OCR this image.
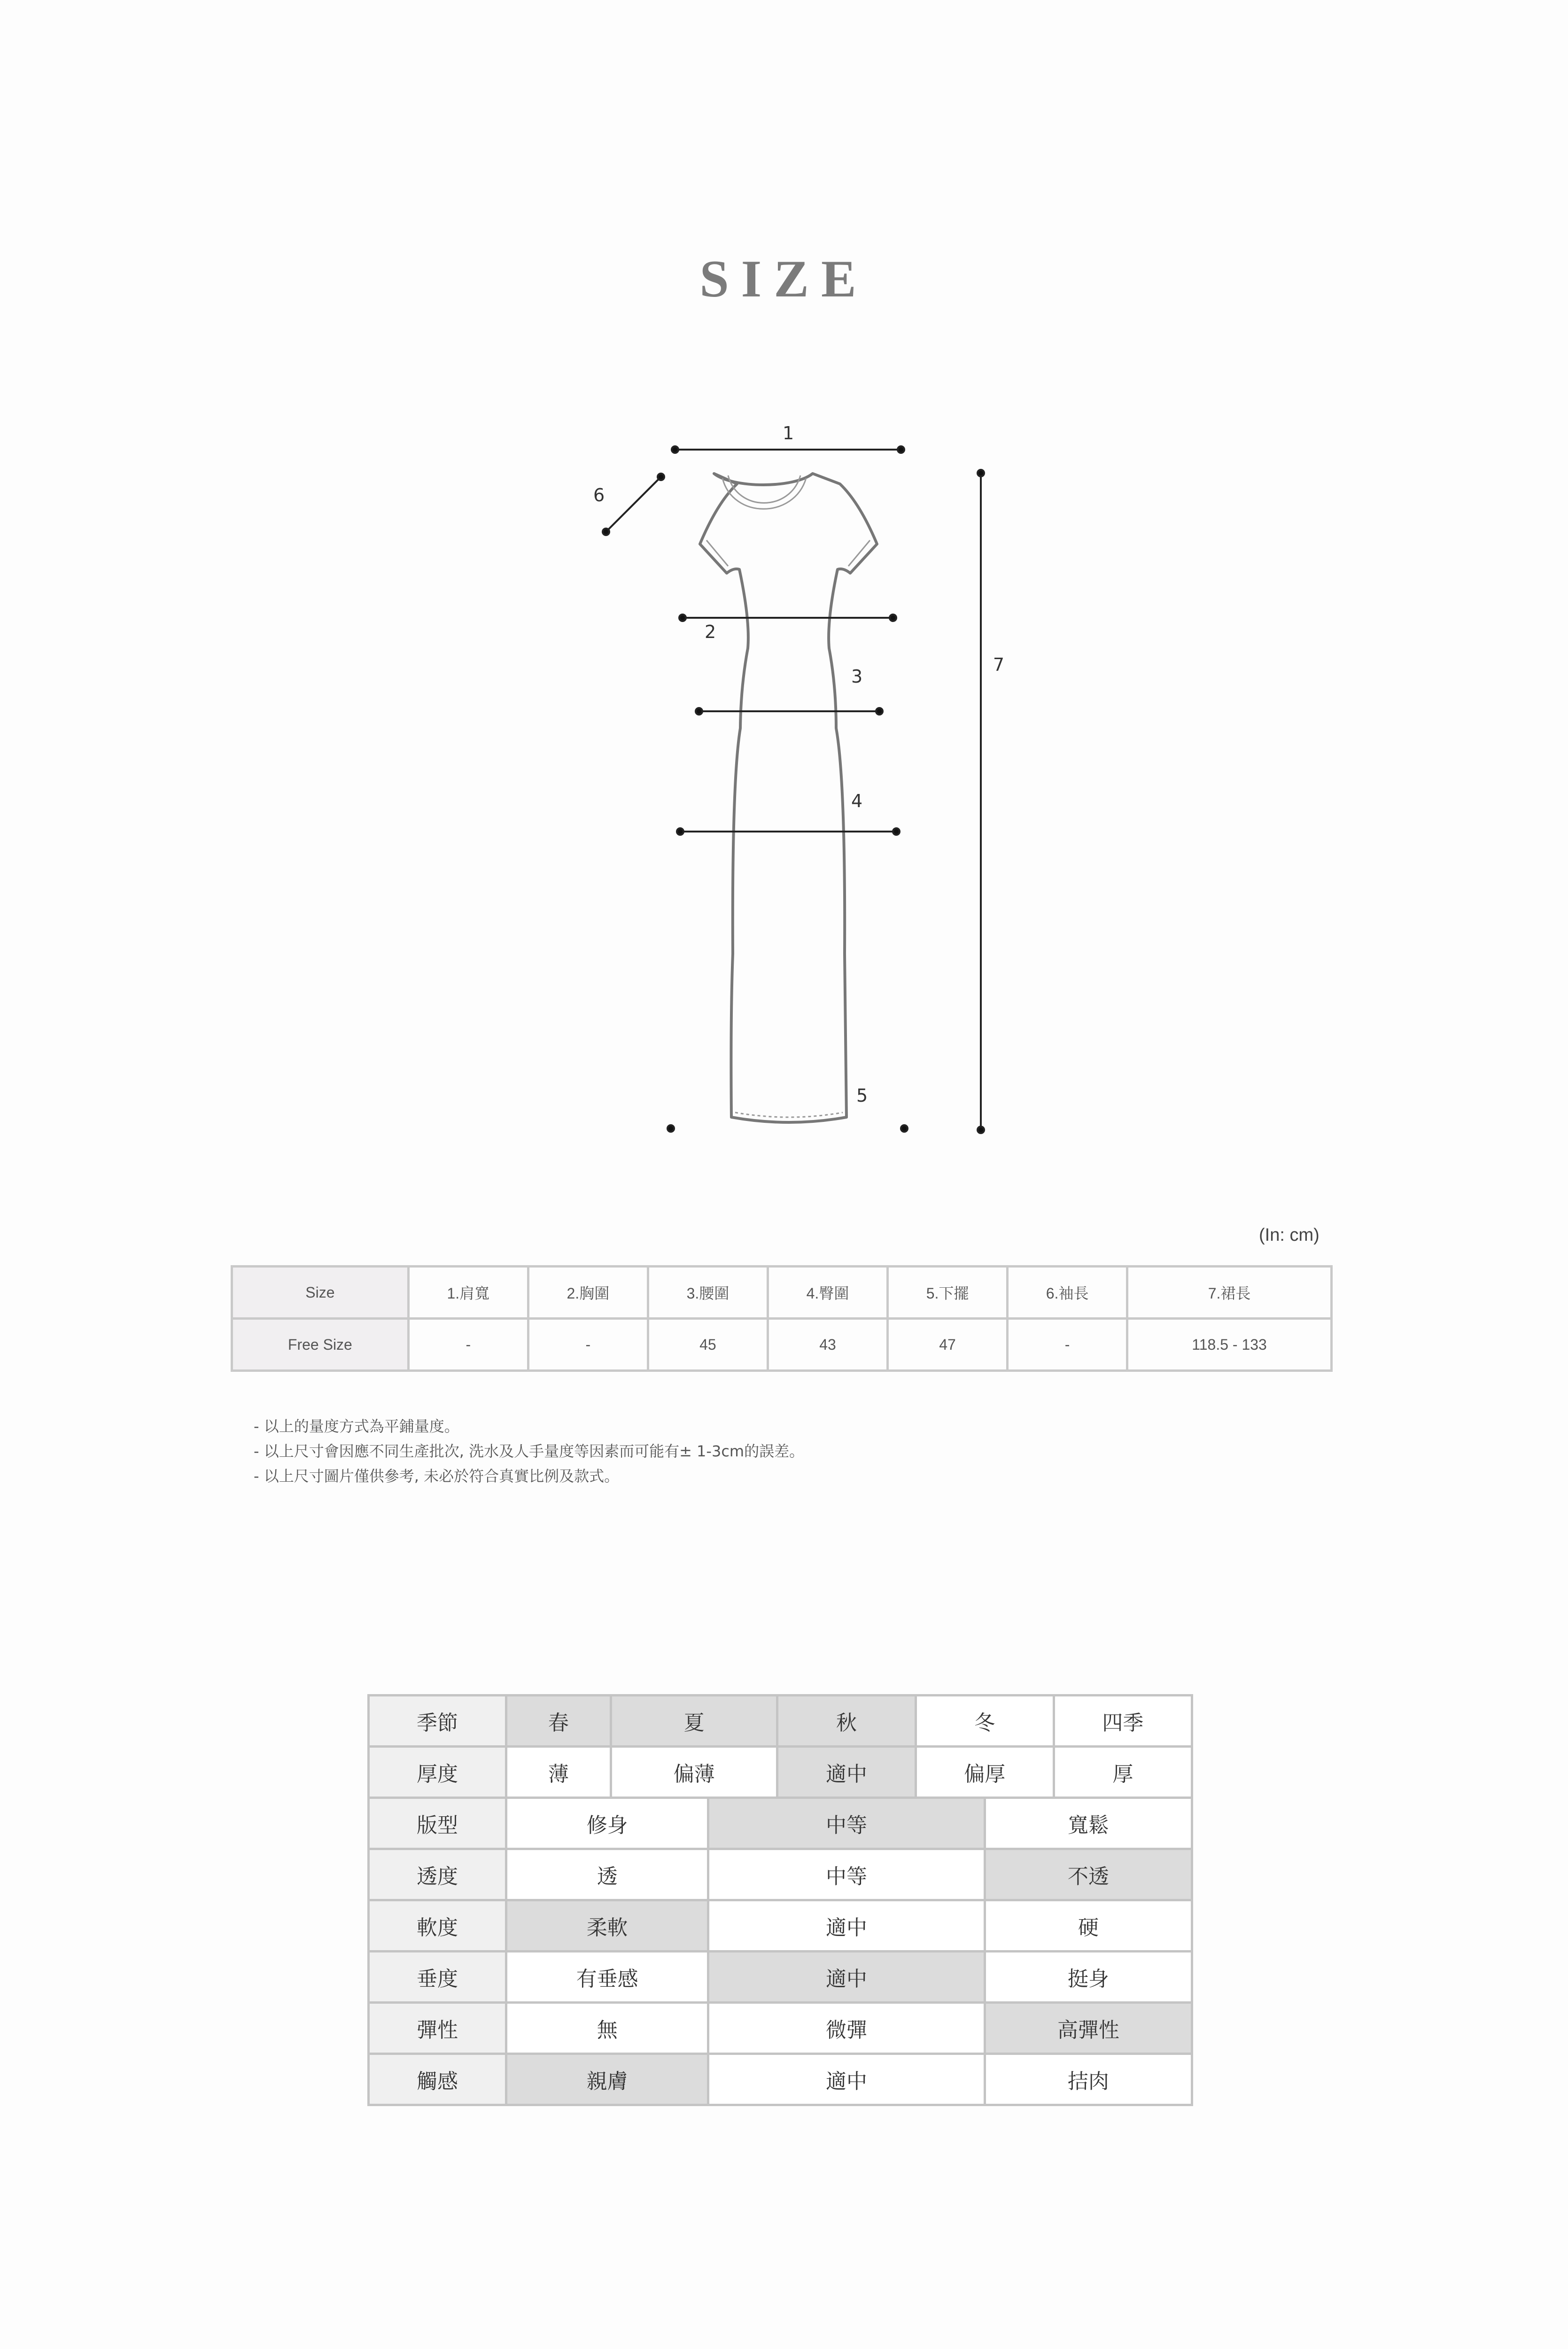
SIZE
1
2
3
4
5
6
7
(In: cm)
Size	1.肩寬	2.胸圍	3.腰圍	4.臀圍	5.下擺	6.袖長	7.裙長
Free Size	-	-	45	43	47	-	118.5 - 133
- 以上的量度方式為平鋪量度。
- 以上尺寸會因應不同生產批次, 洗水及人手量度等因素而可能有± 1-3cm的誤差。
- 以上尺寸圖片僅供參考, 未必於符合真實比例及款式。
季節	春	夏		秋	冬		四季
厚度	薄	偏薄		適中	偏厚		厚
版型	修身		中等			寬鬆	
透度	透		中等			不透	
軟度	柔軟		適中			硬	
垂度	有垂感		適中			挺身	
彈性	無		微彈			高彈性	
觸感	親膚		適中			拮肉	
